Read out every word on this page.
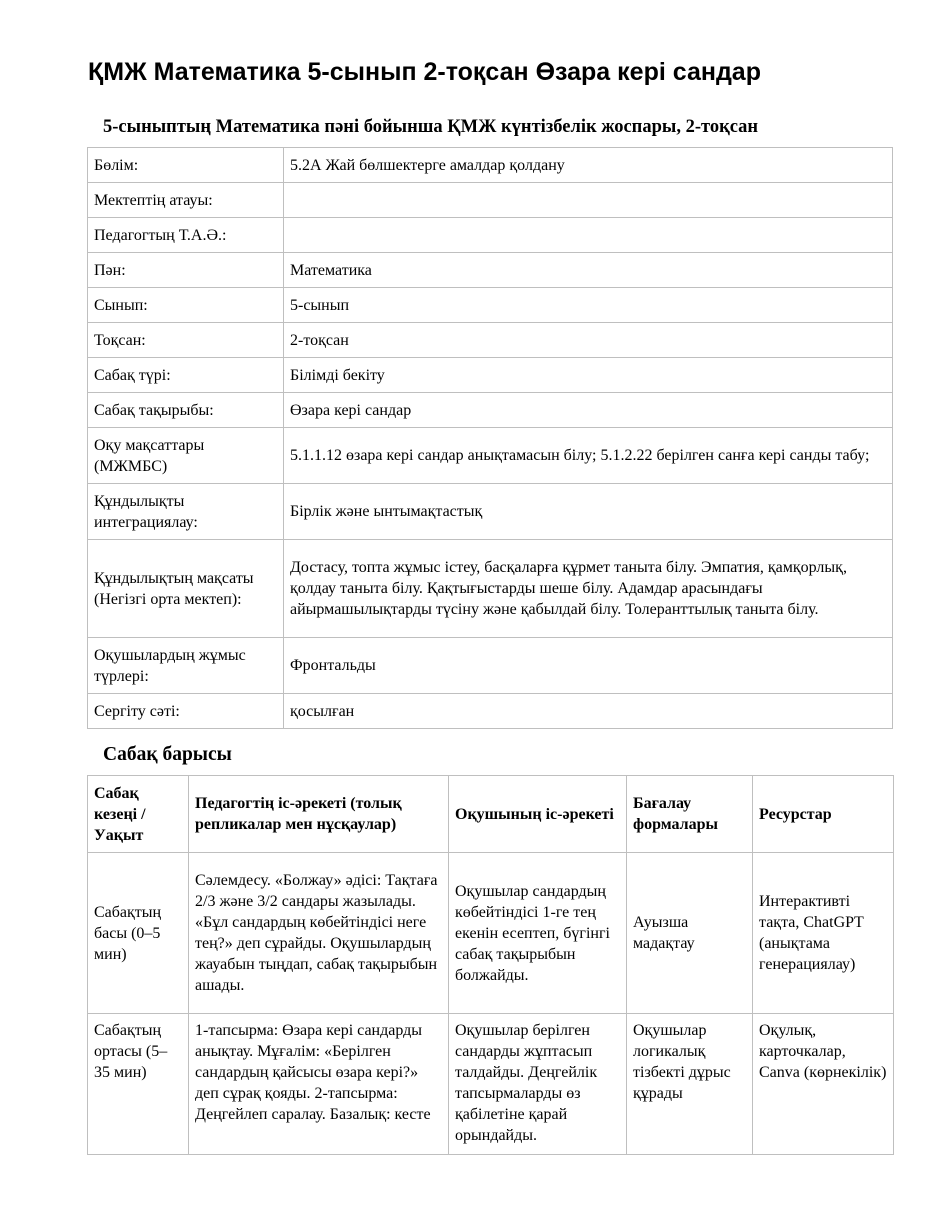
ҚМЖ Математика 5-сынып 2-тоқсан Өзара кері сандар
5-сыныптың Математика пәні бойынша ҚМЖ күнтізбелік жоспары, 2-тоқсан
Бөлім:	5.2А Жай бөлшектерге амалдар қолдану
Мектептің атауы:	
Педагогтың Т.А.Ә.:	
Пән:	Математика
Сынып:	5-сынып
Тоқсан:	2-тоқсан
Сабақ түрі:	Білімді бекіту
Сабақ тақырыбы:	Өзара кері сандар
Оқу мақсаттары (МЖМБС)	5.1.1.12 өзара кері сандар анықтамасын білу; 5.1.2.22 берілген санға кері санды табу;
Құндылықты интеграциялау:	Бірлік және ынтымақтастық
Құндылықтың мақсаты (Негізгі орта мектеп):	Достасу, топта жұмыс істеу, басқаларға құрмет таныта білу. Эмпатия, қамқорлық, қолдау таныта білу. Қақтығыстарды шеше білу. Адамдар арасындағы айырмашылықтарды түсіну және қабылдай білу. Толеранттылық таныта білу.
Оқушылардың жұмыс түрлері:	Фронтальды
Сергіту сәті:	қосылған
Сабақ барысы
Сабақ кезеңі / Уақыт	Педагогтің іс-әрекеті (толық репликалар мен нұсқаулар)	Оқушының іс-әрекеті	Бағалау формалары	Ресурстар
Сабақтың басы (0–5 мин)	Сәлемдесу. «Болжау» әдісі: Тақтаға 2/3 және 3/2 сандары жазылады. «Бұл сандардың көбейтіндісі неге тең?» деп сұрайды. Оқушылардың жауабын тыңдап, сабақ тақырыбын ашады.	Оқушылар сандардың көбейтіндісі 1-ге тең екенін есептеп, бүгінгі сабақ тақырыбын болжайды.	Ауызша мадақтау	Интерактивті тақта, ChatGPT (анықтама генерациялау)
Сабақтың ортасы (5–35 мин)	1-тапсырма: Өзара кері сандарды анықтау. Мұғалім: «Берілген сандардың қайсысы өзара кері?» деп сұрақ қояды. 2-тапсырма: Деңгейлеп саралау. Базалық: кесте	Оқушылар берілген сандарды жұптасып талдайды. Деңгейлік тапсырмаларды өз қабілетіне қарай орындайды.	Оқушылар логикалық тізбекті дұрыс құрады	Оқулық, карточкалар, Canva (көрнекілік)
